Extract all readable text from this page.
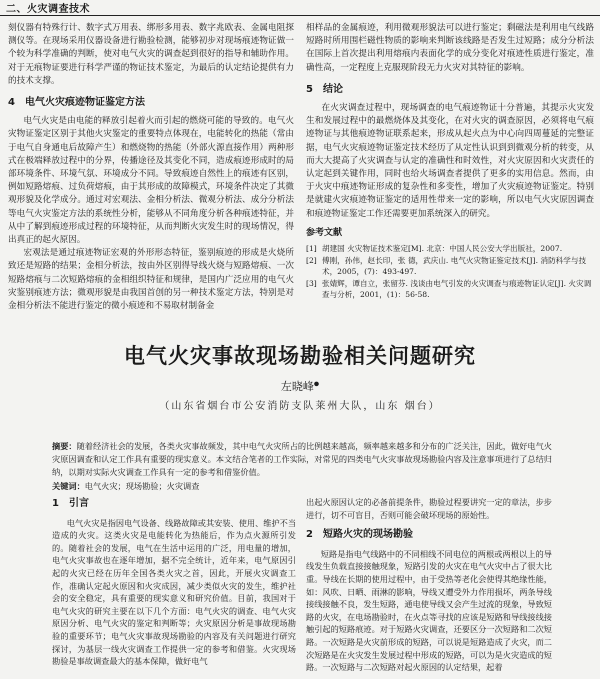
二、火灾调查技术

刻仪器有特殊行计、数字式万用表、绑形多用表、数字兆欧表、金属电阻探测仪等。在现场采用仪器设备进行勘验检测，能够初步对现场痕迹物证做一个较为科学准确的判断，使对电气火灾的调查起到很好的指导和辅助作用。对于无痕物证要进行科学严谨的物证技术鉴定，为最后的认定结论提供有力的技术支撑。

4 电气火灾痕迹物证鉴定方法

电气火灾是由电能的释放引起着火而引起的燃烧可能的导致的。电气火灾物证鉴定区别于其他火灾鉴定的重要特点体现在，电能转化的热能（常由于电气自身通电后故障产生）和燃烧物的热能（外部火源直接作用）两种形式在极端释放过程中的分界，传播途径及其变化不同，造成痕迹形成时的局部环境条件、环境气氛、环境成分不同。导致痕迹自然性上的痕迹有区别，例如短路熔痕、过负荷熔痕，由于其形成的故障模式，环境条件决定了其微观形貌及化学成分。通过对宏观法、金相分析法、微观分析法、成分分析法等电气火灾鉴定方法的系统性分析，能够从不同角度分析各种痕迹特征，并从中了解到痕迹形成过程的环境特征，从而判断火灾发生时的现场情况，得出真正的起火原因。

宏观法是通过痕迹物证宏观的外形形态特征，鉴别痕迹的形成是火烧所致还是短路的结果；金相分析法，按由外区别得导线火烧与短路熔痕、一次短路熔痕与二次短路熔痕的金相组织特征和规律，是国内广泛应用的电气火灾鉴别痕迹方法；微观形貌是由我国首创的另一种技术鉴定方法，特别是对金相分析法不能进行鉴定的微小痕迹和不易取材制备金

相样品的金属痕迹，利用微观形貌法可以进行鉴定；剩磁法是利用电气线路短路时所用围栏磁性物质的影响来判断该线路是否发生过短路；成分分析法在国际上首次提出利用熔痕内表面化学的成分变化对痕迹性质进行鉴定，准确性高，一定程度上克服现阶段无力火灾对其特征的影响。

5 结论

在火灾调查过程中，现场调查的电气痕迹物证十分普遍，其提示火灾发生和发展过程中的最燃烧体及其变化，在对火灾的调查原因，必须将电气痕迹物证与其他痕迹物证联系起来，形成从起火点为中心向四周蔓延的完整证据，电气火灾痕迹物证鉴定技术经历了从定性认识到到微观分析的转变，从而大大提高了火灾调查与认定的准确性和时效性，对火灾原因和火灾责任的认定起到关键作用，同时也给火场调查者提供了更多的实用信息。然而，由于火灾中痕迹物证形成的复杂性和多变性，增加了火灾痕迹物证鉴定。特别是就建火灾痕迹物证鉴定的适用性带来一定的影响，所以电气火灾原因调查和痕迹物证鉴定工作还需要更加系统深入的研究。

参考文献
[1] 胡建国 火灾物证技术鉴定[M]. 北京：中国人民公安大学出版社，2007.
[2] 傅刚，孙伟，赵长印，张 德，武庆山. 电气火灾物证鉴定技术[J]. 消防科学与技术，2005，(7)：493-497.
[3] 张婧辉，谭自立，张留芬. 浅谈由电气引发的火灾调查与痕迹物证认定[J]. 火灾调查与分析，2001，(1)：56-58.
电气火灾事故现场勘验相关问题研究
左晓峰●
（山东省烟台市公安消防支队莱州大队，山东 烟台）
摘要：随着经济社会的发展，各类火灾事故频发，其中电气火灾所占的比例越来越高，频率越来越多和分布的广泛关注，因此，做好电气火灾原因调查和认定工作具有重要的现实意义。本文结合笔者的工作实际，对常见的四类电气火灾事故现场勘验内容及注意事项进行了总结归纳，以期对实际火灾调查工作具有一定的参考和借鉴价值。
关键词：电气火灾；现场勘验；火灾调查
1 引言

电气火灾是指因电气设备、线路故障或其安装、使用、维护不当造成的火灾。这类火灾是电能转化为热能后，作为点火源所引发的。随着社会的发展，电气在生活中运用的广泛，用电量的增加，电气火灾事故也在逐年增加，据不完全统计，近年来，电气原因引起的火灾已经在历年全国各类火灾之首，因此，开展火灾调查工作，准确认定起火原因和火灾成因，减少类似火灾的发生，维护社会的安全稳定，具有重要的现实意义和研究价值。目前，我国对于电气火灾的研究主要在以下几个方面：电气火灾的调查、电气火灾原因分析、电气火灾的鉴定和判断等；火灾原因分析是事故现场勘验的重要环节；电气火灾事故现场勘验的内容及有关问题进行研究探讨，为基层一线火灾调查工作提供一定的参考和借鉴。火灾现场勘验是事故调查最大的基本保障，做好电气

出起火原因认定的必备前提条件，勘验过程要讲究一定的章法，步步进行，切不可盲目，否则可能会破坏现场的原始性。

2 短路火灾的现场勘验

短路是指电气线路中的不同相线不同电位的两根或两根以上的导线发生负载直接接触现象，短路引发的火灾在电气火灾中占了很大比重。导线在长期的使用过程中，由于受热等老化会使得其绝缘性能，如：风吹、日晒、雨淋的影响，导线又遭受外力作用损坏，两条导线接线接触不良，发生短路，通电使导线又会产生过流的现象，导致短路的火灾，在电场勘验时，在火点等寻找的应该是短路和导线接线接触引起的短路痕迹。对于短路火灾调查，还要区分一次短路和二次短路。一次短路是火灾前形成的短路，可以说是短路造成了火灾，而二次短路是在火灾发生发展过程中形成的短路，可以为是火灾造成的短路。一次短路与二次短路对起火原因的认定结果，起着
